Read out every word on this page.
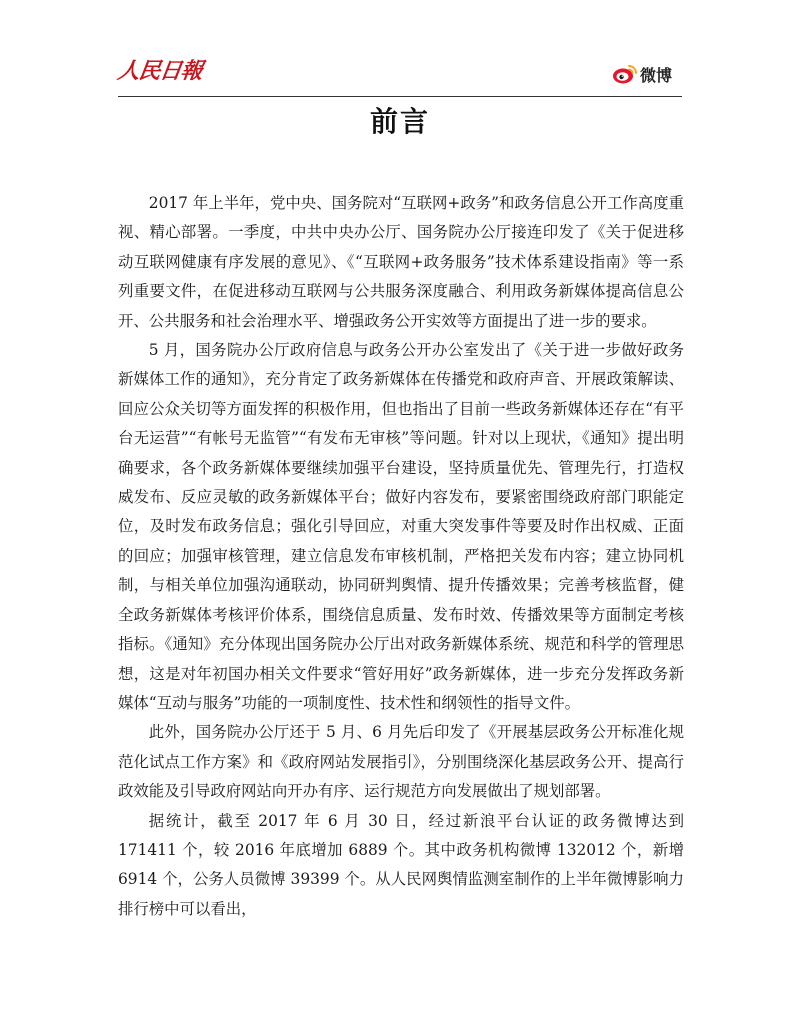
人民日報	微博
前言

2017 年上半年，党中央、国务院对“互联网+政务”和政务信息公开工作高度重视、精心部署。一季度，中共中央办公厅、国务院办公厅接连印发了《关于促进移动互联网健康有序发展的意见》、《“互联网+政务服务”技术体系建设指南》等一系列重要文件，在促进移动互联网与公共服务深度融合、利用政务新媒体提高信息公开、公共服务和社会治理水平、增强政务公开实效等方面提出了进一步的要求。

5 月，国务院办公厅政府信息与政务公开办公室发出了《关于进一步做好政务新媒体工作的通知》，充分肯定了政务新媒体在传播党和政府声音、开展政策解读、回应公众关切等方面发挥的积极作用，但也指出了目前一些政务新媒体还存在“有平台无运营”“有帐号无监管”“有发布无审核”等问题。针对以上现状，《通知》提出明确要求，各个政务新媒体要继续加强平台建设，坚持质量优先、管理先行，打造权威发布、反应灵敏的政务新媒体平台；做好内容发布，要紧密围绕政府部门职能定位，及时发布政务信息；强化引导回应，对重大突发事件等要及时作出权威、正面的回应；加强审核管理，建立信息发布审核机制，严格把关发布内容；建立协同机制，与相关单位加强沟通联动，协同研判舆情、提升传播效果；完善考核监督，健全政务新媒体考核评价体系，围绕信息质量、发布时效、传播效果等方面制定考核指标。《通知》充分体现出国务院办公厅出对政务新媒体系统、规范和科学的管理思想，这是对年初国办相关文件要求“管好用好”政务新媒体，进一步充分发挥政务新媒体“互动与服务”功能的一项制度性、技术性和纲领性的指导文件。

此外，国务院办公厅还于 5 月、6 月先后印发了《开展基层政务公开标准化规范化试点工作方案》和《政府网站发展指引》，分别围绕深化基层政务公开、提高行政效能及引导政府网站向开办有序、运行规范方向发展做出了规划部署。

据统计，截至 2017 年 6 月 30 日，经过新浪平台认证的政务微博达到 171411 个，较 2016 年底增加 6889 个。其中政务机构微博 132012 个，新增 6914 个，公务人员微博 39399 个。从人民网舆情监测室制作的上半年微博影响力排行榜中可以看出，
